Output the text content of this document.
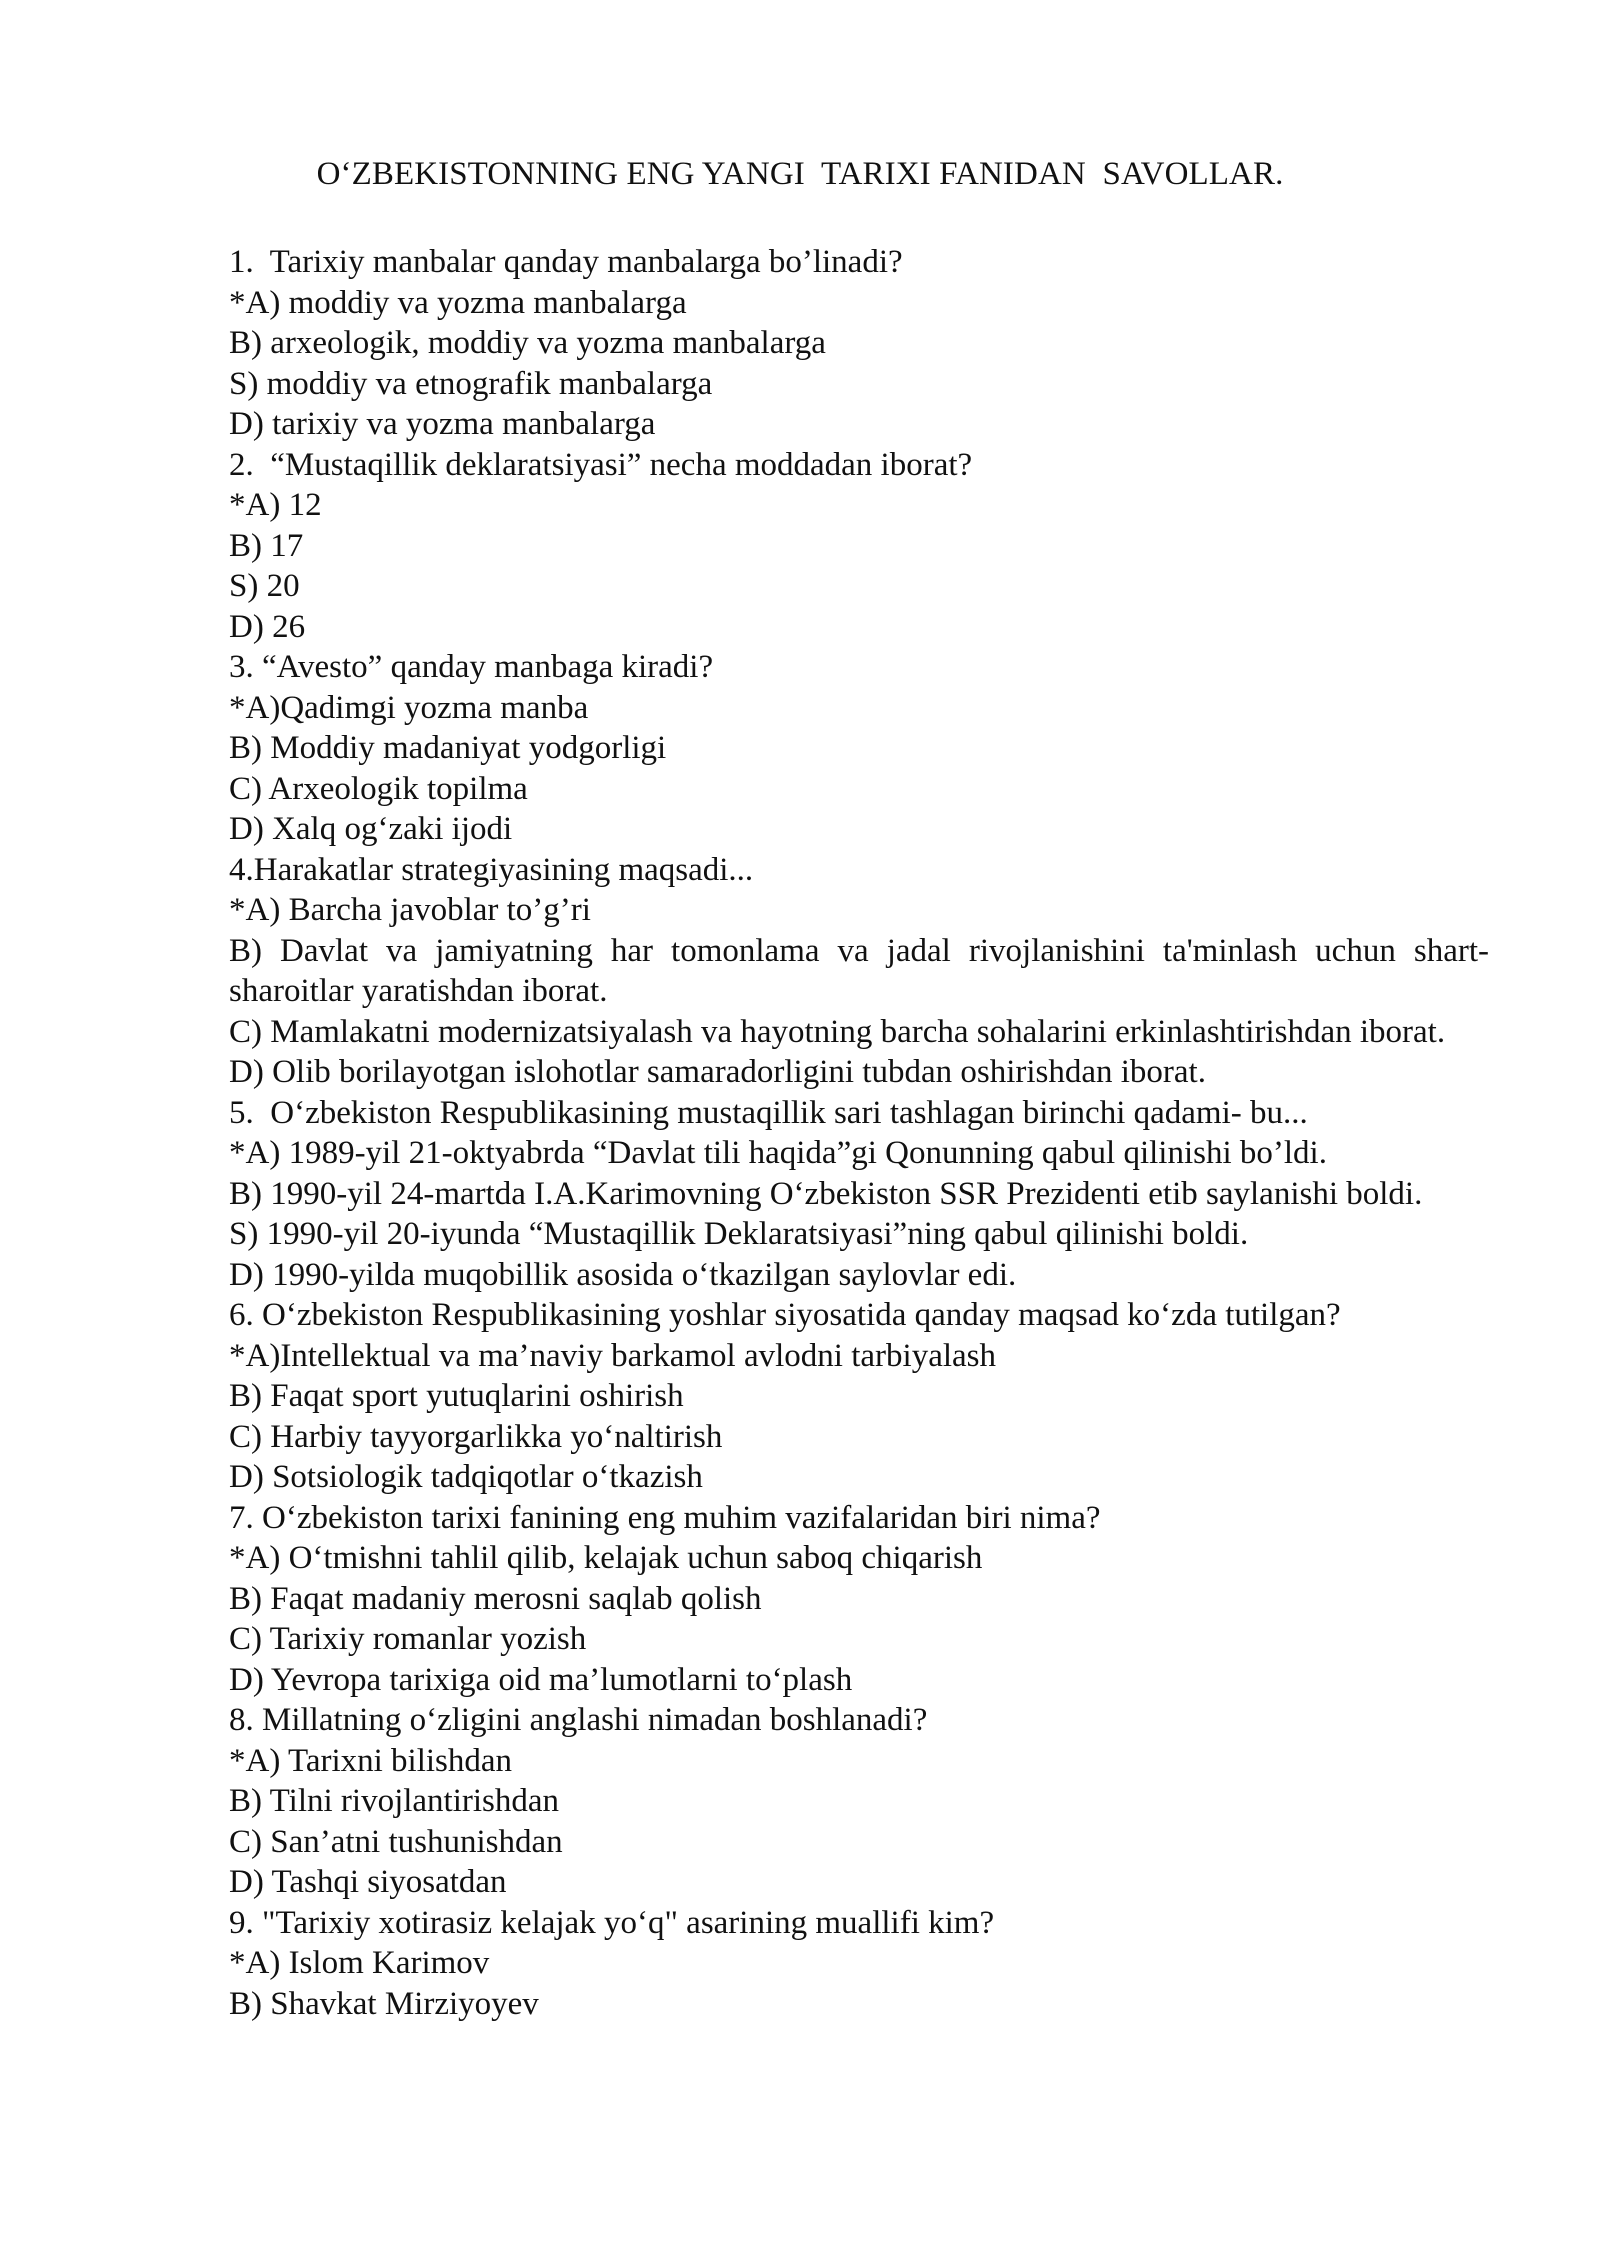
O‘ZBEKISTONNING ENG YANGI  TARIXI FANIDAN  SAVOLLAR.
1.  Tarixiy manbalar qanday manbalarga bo’linadi?
*A) moddiy va yozma manbalarga
B) arxeologik, moddiy va yozma manbalarga
S) moddiy va etnografik manbalarga
D) tarixiy va yozma manbalarga
2.  “Mustaqillik deklaratsiyasi” necha moddadan iborat?
*A) 12
B) 17
S) 20
D) 26
3. “Avesto” qanday manbaga kiradi?
*A)Qadimgi yozma manba
B) Moddiy madaniyat yodgorligi
C) Arxeologik topilma
D) Xalq og‘zaki ijodi
4.Harakatlar strategiyasining maqsadi...
*A) Barcha javoblar to’g’ri
B) Davlat va jamiyatning har tomonlama va jadal rivojlanishini ta'minlash uchun shart-sharoitlar yaratishdan iborat.
C) Mamlakatni modernizatsiyalash va hayotning barcha sohalarini erkinlashtirishdan iborat.
D) Olib borilayotgan islohotlar samaradorligini tubdan oshirishdan iborat.
5.  O‘zbekiston Respublikasining mustaqillik sari tashlagan birinchi qadami- bu...
*A) 1989-yil 21-oktyabrda “Davlat tili haqida”gi Qonunning qabul qilinishi bo’ldi.
B) 1990-yil 24-martda I.A.Karimovning O‘zbekiston SSR Prezidenti etib saylanishi boldi.
S) 1990-yil 20-iyunda “Mustaqillik Deklaratsiyasi”ning qabul qilinishi boldi.
D) 1990-yilda muqobillik asosida o‘tkazilgan saylovlar edi.
6. O‘zbekiston Respublikasining yoshlar siyosatida qanday maqsad ko‘zda tutilgan?
*A)Intellektual va ma’naviy barkamol avlodni tarbiyalash
B) Faqat sport yutuqlarini oshirish
C) Harbiy tayyorgarlikka yo‘naltirish
D) Sotsiologik tadqiqotlar o‘tkazish
7. O‘zbekiston tarixi fanining eng muhim vazifalaridan biri nima?
*A) O‘tmishni tahlil qilib, kelajak uchun saboq chiqarish
B) Faqat madaniy merosni saqlab qolish
C) Tarixiy romanlar yozish
D) Yevropa tarixiga oid ma’lumotlarni to‘plash
8. Millatning o‘zligini anglashi nimadan boshlanadi?
*A) Tarixni bilishdan
B) Tilni rivojlantirishdan
C) San’atni tushunishdan
D) Tashqi siyosatdan
9. "Tarixiy xotirasiz kelajak yo‘q" asarining muallifi kim?
*A) Islom Karimov
B) Shavkat Mirziyoyev
